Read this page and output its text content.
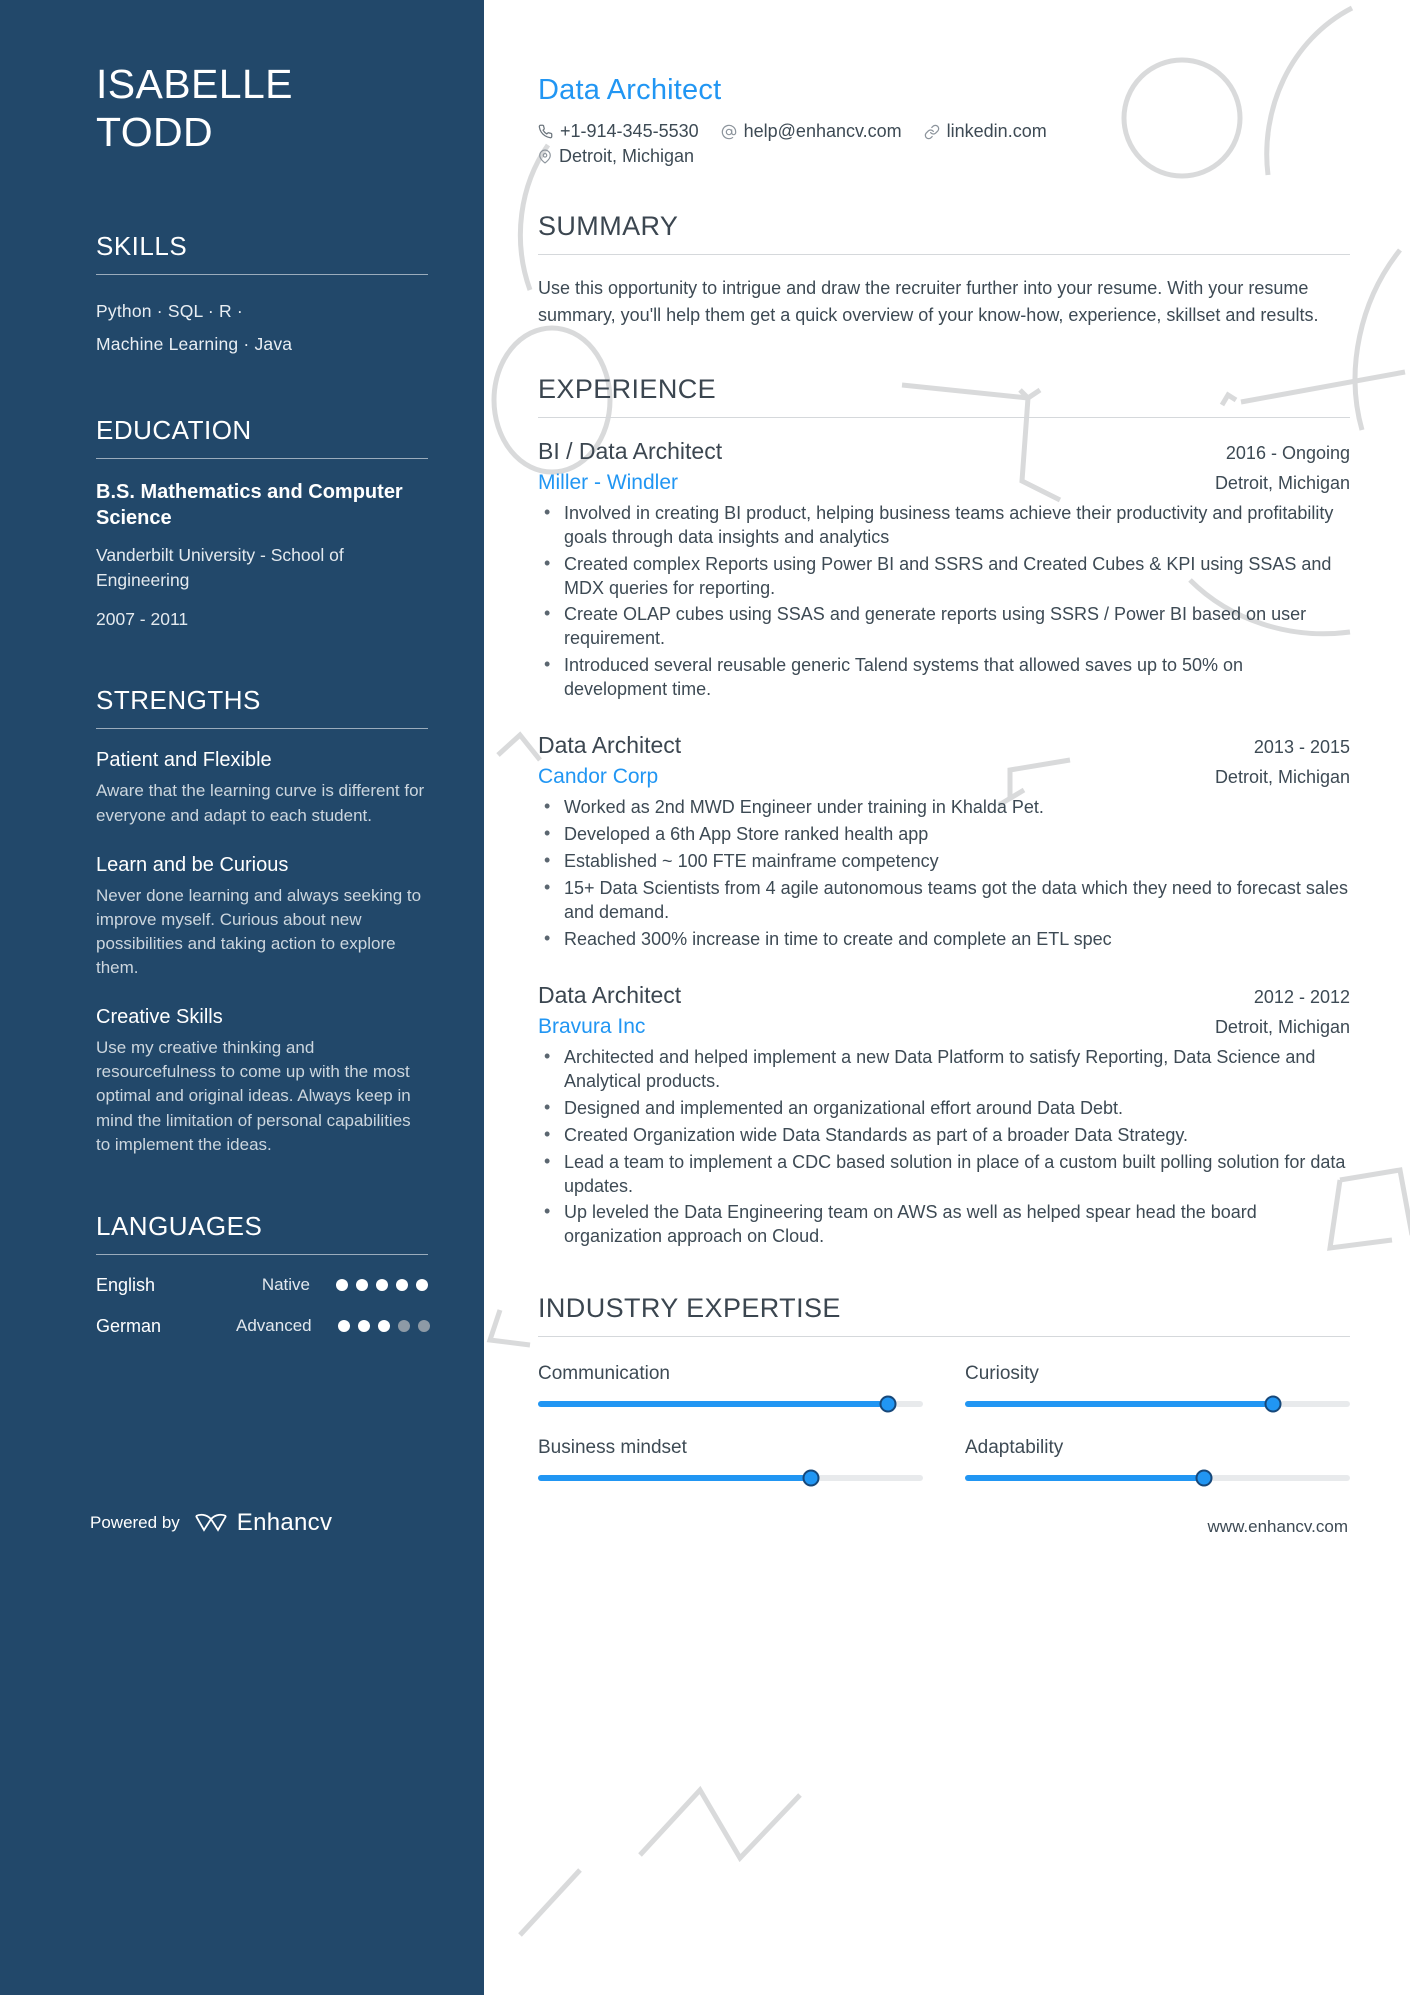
ISABELLE
TODD
SKILLS
Python · SQL · R ·
Machine Learning · Java
EDUCATION
B.S. Mathematics and Computer Science
Vanderbilt University - School of Engineering
2007 - 2011
STRENGTHS
Patient and Flexible
Aware that the learning curve is different for everyone and adapt to each student.
Learn and be Curious
Never done learning and always seeking to improve myself. Curious about new possibilities and taking action to explore them.
Creative Skills
Use my creative thinking and resourcefulness to come up with the most optimal and original ideas. Always keep in mind the limitation of personal capabilities to implement the ideas.
LANGUAGES
English	Native
German	Advanced
Powered by Enhancv
Data Architect
+1-914-345-5530	help@enhancv.com	linkedin.com
Detroit, Michigan
SUMMARY

Use this opportunity to intrigue and draw the recruiter further into your resume. With your resume summary, you'll help them get a quick overview of your know-how, experience, skillset and results.

EXPERIENCE
BI / Data Architect	2016 - Ongoing
Miller - Windler	Detroit, Michigan
• Involved in creating BI product, helping business teams achieve their productivity and profitability goals through data insights and analytics
• Created complex Reports using Power BI and SSRS and Created Cubes & KPI using SSAS and MDX queries for reporting.
• Create OLAP cubes using SSAS and generate reports using SSRS / Power BI based on user requirement.
• Introduced several reusable generic Talend systems that allowed saves up to 50% on development time.
Data Architect	2013 - 2015
Candor Corp	Detroit, Michigan
• Worked as 2nd MWD Engineer under training in Khalda Pet.
• Developed a 6th App Store ranked health app
• Established ~ 100 FTE mainframe competency
• 15+ Data Scientists from 4 agile autonomous teams got the data which they need to forecast sales and demand.
• Reached 300% increase in time to create and complete an ETL spec
Data Architect	2012 - 2012
Bravura Inc	Detroit, Michigan
• Architected and helped implement a new Data Platform to satisfy Reporting, Data Science and Analytical products.
• Designed and implemented an organizational effort around Data Debt.
• Created Organization wide Data Standards as part of a broader Data Strategy.
• Lead a team to implement a CDC based solution in place of a custom built polling solution for data updates.
• Up leveled the Data Engineering team on AWS as well as helped spear head the board organization approach on Cloud.
INDUSTRY EXPERTISE
Communication	Curiosity
Business mindset	Adaptability
www.enhancv.com
